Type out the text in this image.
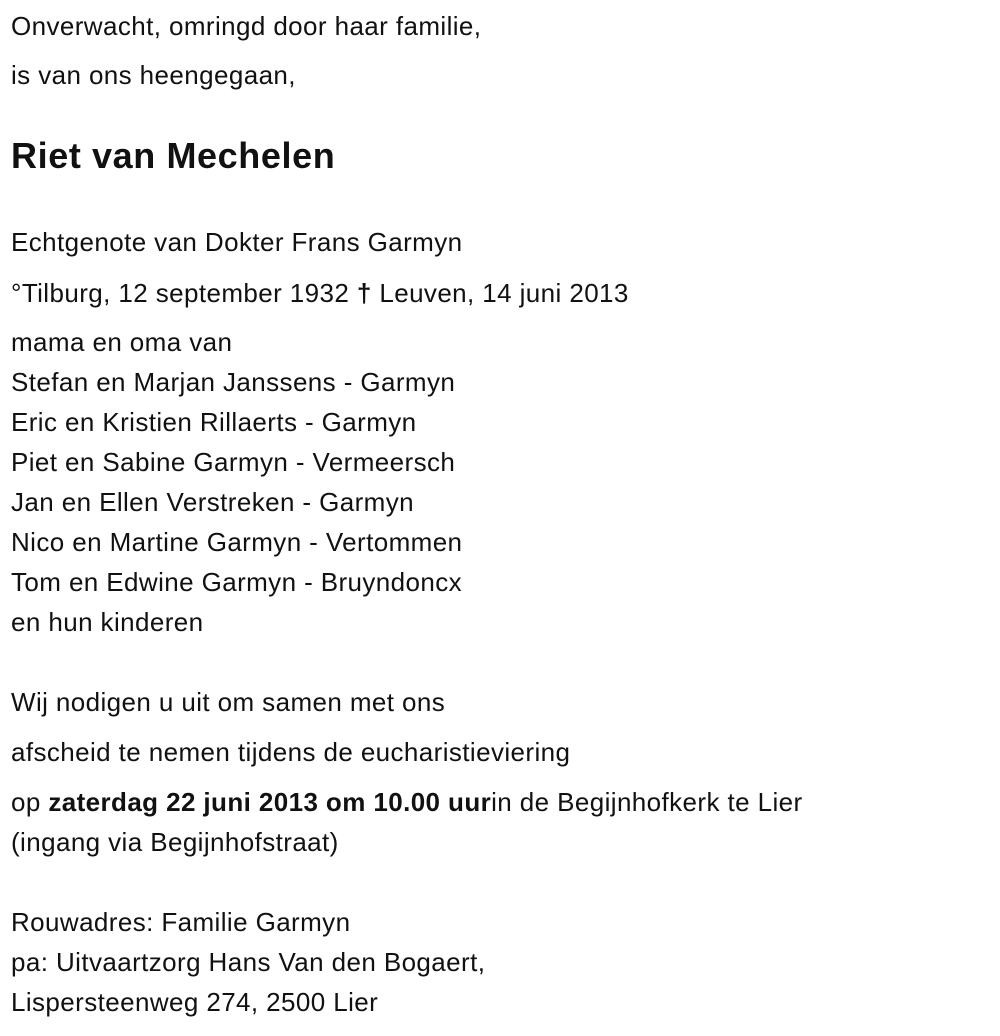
Onverwacht, omringd door haar familie,
is van ons heengegaan,
Riet van Mechelen
Echtgenote van Dokter Frans Garmyn
°Tilburg, 12 september 1932 † Leuven, 14 juni 2013
mama en oma van
Stefan en Marjan Janssens - Garmyn
Eric en Kristien Rillaerts - Garmyn
Piet en Sabine Garmyn - Vermeersch
Jan en Ellen Verstreken - Garmyn
Nico en Martine Garmyn - Vertommen
Tom en Edwine Garmyn - Bruyndoncx
en hun kinderen
Wij nodigen u uit om samen met ons
afscheid te nemen tijdens de eucharistieviering
op zaterdag 22 juni 2013 om 10.00 uurin de Begijnhofkerk te Lier
(ingang via Begijnhofstraat)
Rouwadres: Familie Garmyn
pa: Uitvaartzorg Hans Van den Bogaert,
Lispersteenweg 274, 2500 Lier
